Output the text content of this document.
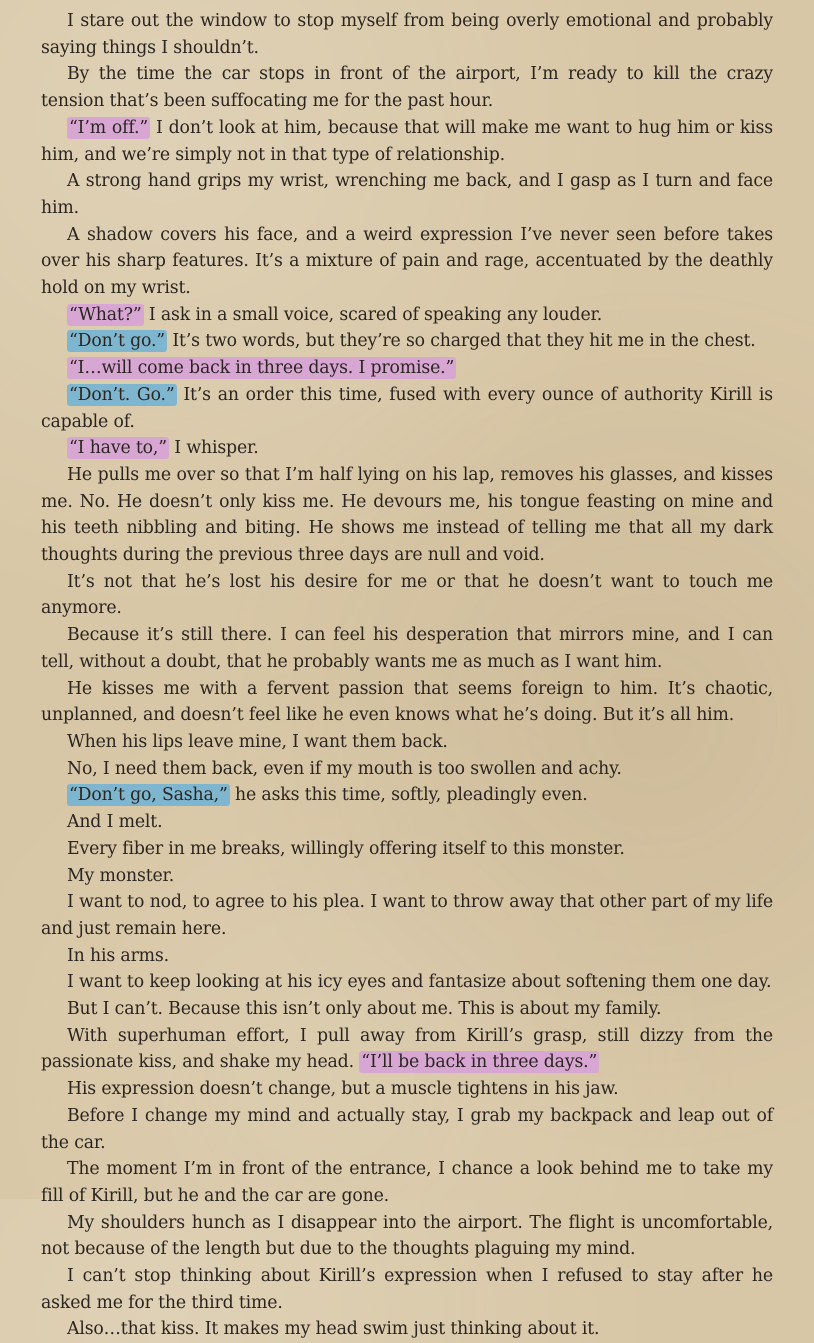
I stare out the window to stop myself from being overly emotional and probably saying things I shouldn’t.

By the time the car stops in front of the airport, I’m ready to kill the crazy tension that’s been suffocating me for the past hour.

“I’m off.” I don’t look at him, because that will make me want to hug him or kiss him, and we’re simply not in that type of relationship.

A strong hand grips my wrist, wrenching me back, and I gasp as I turn and face him.

A shadow covers his face, and a weird expression I’ve never seen before takes over his sharp features. It’s a mixture of pain and rage, accentuated by the deathly hold on my wrist.

“What?” I ask in a small voice, scared of speaking any louder.

“Don’t go.” It’s two words, but they’re so charged that they hit me in the chest.

“I…will come back in three days. I promise.”

“Don’t. Go.” It’s an order this time, fused with every ounce of authority Kirill is capable of.

“I have to,” I whisper.

He pulls me over so that I’m half lying on his lap, removes his glasses, and kisses me. No. He doesn’t only kiss me. He devours me, his tongue feasting on mine and his teeth nibbling and biting. He shows me instead of telling me that all my dark thoughts during the previous three days are null and void.

It’s not that he’s lost his desire for me or that he doesn’t want to touch me anymore.

Because it’s still there. I can feel his desperation that mirrors mine, and I can tell, without a doubt, that he probably wants me as much as I want him.

He kisses me with a fervent passion that seems foreign to him. It’s chaotic, unplanned, and doesn’t feel like he even knows what he’s doing. But it’s all him.

When his lips leave mine, I want them back.

No, I need them back, even if my mouth is too swollen and achy.

“Don’t go, Sasha,” he asks this time, softly, pleadingly even.

And I melt.

Every fiber in me breaks, willingly offering itself to this monster.

My monster.

I want to nod, to agree to his plea. I want to throw away that other part of my life and just remain here.

In his arms.

I want to keep looking at his icy eyes and fantasize about softening them one day.

But I can’t. Because this isn’t only about me. This is about my family.

With superhuman effort, I pull away from Kirill’s grasp, still dizzy from the passionate kiss, and shake my head. “I’ll be back in three days.”

His expression doesn’t change, but a muscle tightens in his jaw.

Before I change my mind and actually stay, I grab my backpack and leap out of the car.

The moment I’m in front of the entrance, I chance a look behind me to take my fill of Kirill, but he and the car are gone.

My shoulders hunch as I disappear into the airport. The flight is uncomfortable, not because of the length but due to the thoughts plaguing my mind.

I can’t stop thinking about Kirill’s expression when I refused to stay after he asked me for the third time.

Also…that kiss. It makes my head swim just thinking about it.
